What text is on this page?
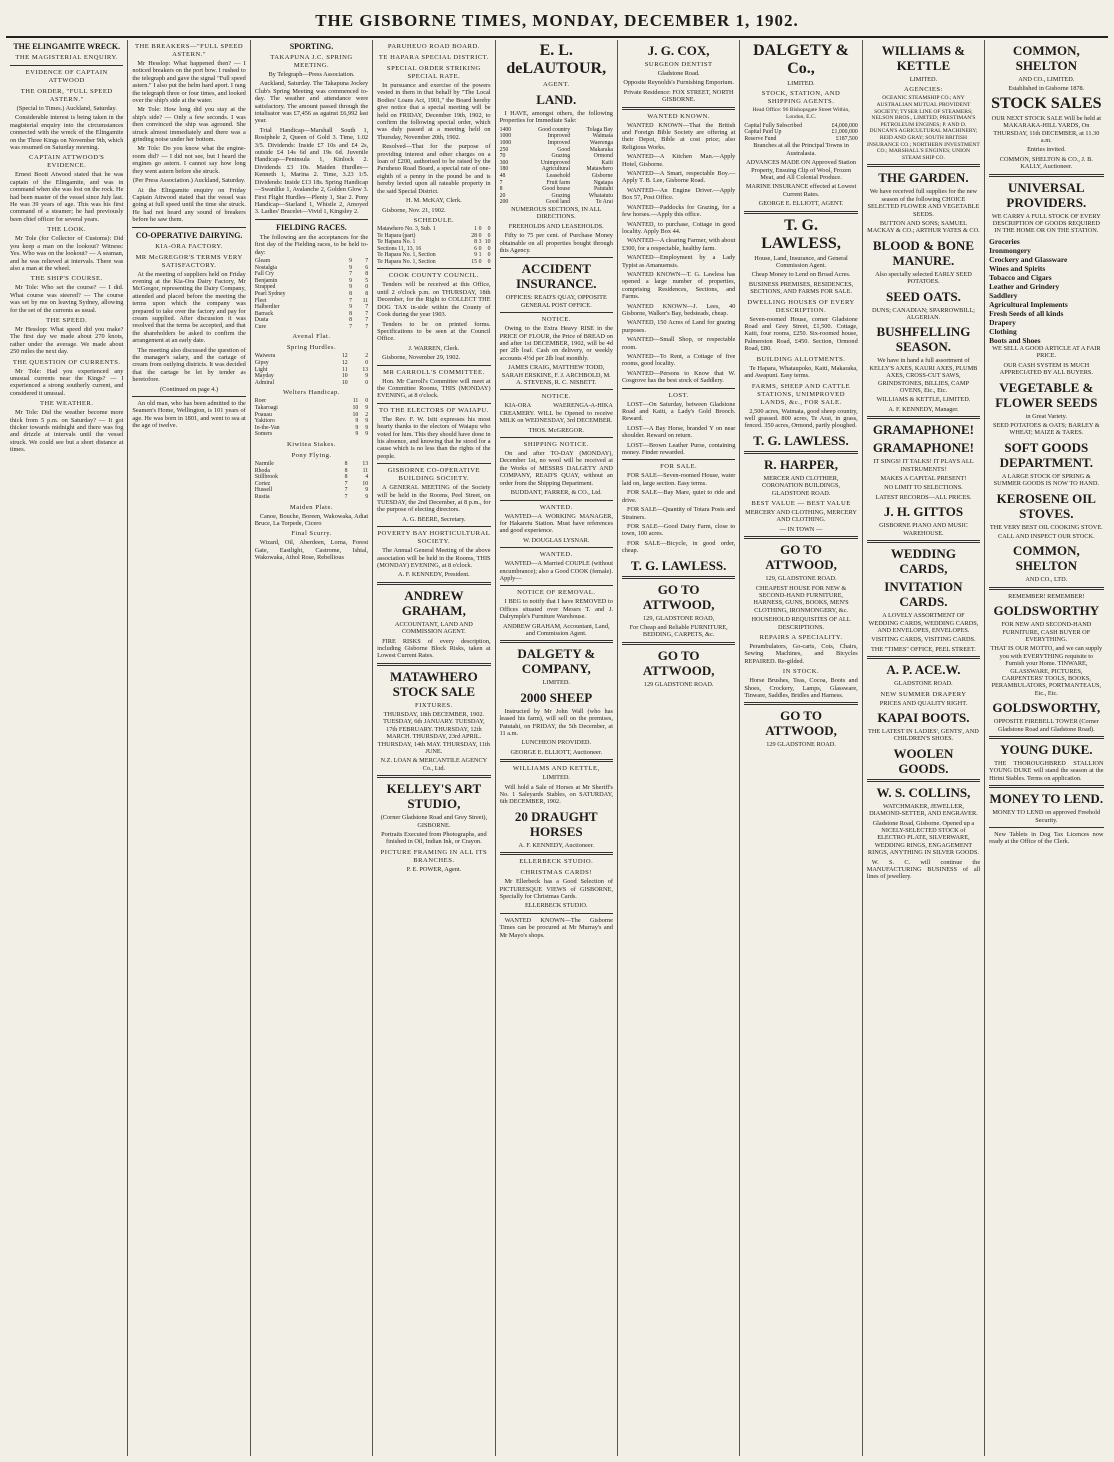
THE GISBORNE TIMES, MONDAY, DECEMBER 1, 1902.
THE ELINGAMITE WRECK.
THE MAGISTERIAL ENQUIRY.
EVIDENCE OF CAPTAIN ATTWOOD
THE ORDER, "FULL SPEED ASTERN."

(Special to Times.) Auckland, Saturday.

Considerable interest is being taken in the magisterial enquiry into the circumstances connected with the wreck of the Elingamite on the Three Kings on November 9th, which was resumed on Saturday morning.

CAPTAIN ATTWOOD'S EVIDENCE.

Ernest Boott Atwood stated that he was captain of the Elingamite, and was in command when she was lost on the rock. He had been master of the vessel since July last. He was 39 years of age. This was his first command of a steamer; he had previously been chief officer for several years.

THE LOOK.

Mr Tole (for Collector of Customs): Did you keep a man on the lookout? Witness: Yes. Who was on the lookout? — A seaman, and he was relieved at intervals. There was also a man at the wheel.

THE SHIP'S COURSE.

Mr Tole: Who set the course? — I did. What course was steered? — The course was set by me on leaving Sydney, allowing for the set of the currents as usual.

THE SPEED.

Mr Hesslop: What speed did you make? The first day we made about 270 knots, rather under the average. We made about 250 miles the next day.

THE QUESTION OF CURRENTS.

Mr Tole: Had you experienced any unusual currents near the Kings? — I experienced a strong southerly current, and considered it unusual.

THE WEATHER.

Mr Tole: Did the weather become more thick from 5 p.m. on Saturday? — It got thicker towards midnight and there was fog and drizzle at intervals until the vessel struck. We could see but a short distance at times.

THE BREAKERS—"FULL SPEED ASTERN."

Mr Hesslop: What happened then? — I noticed breakers on the port bow. I rushed to the telegraph and gave the signal "Full speed astern." I also put the helm hard aport. I rang the telegraph three or four times, and looked over the ship's side at the water.

Mr Tole: How long did you stay at the ship's side? — Only a few seconds. I was then convinced the ship was aground. She struck almost immediately and there was a grinding noise under her bottom.

Mr Tole: Do you know what the engine-room did? — I did not see, but I heard the engines go astern. I cannot say how long they went astern before she struck.

(Per Press Association.) Auckland, Saturday.

At the Elingamite enquiry on Friday Captain Attwood stated that the vessel was going at full speed until the time she struck. He had not heard any sound of breakers before he saw them.

CO-OPERATIVE DAIRYING.
KIA-ORA FACTORY.
MR McGREGOR'S TERMS VERY SATISFACTORY.

At the meeting of suppliers held on Friday evening at the Kia-Ora Dairy Factory, Mr McGregor, representing the Dairy Company, attended and placed before the meeting the terms upon which the company was prepared to take over the factory and pay for cream supplied. After discussion it was resolved that the terms be accepted, and that the shareholders be asked to confirm the arrangement at an early date.

The meeting also discussed the question of the manager's salary, and the cartage of cream from outlying districts. It was decided that the cartage be let by tender as heretofore.

(Continued on page 4.)

An old man, who has been admitted to the Seamen's Home, Wellington, is 101 years of age. He was born in 1801, and went to sea at the age of twelve.

SPORTING.
TAKAPUNA J.C. SPRING MEETING.

By Telegraph—Press Association.

Auckland, Saturday. The Takapuna Jockey Club's Spring Meeting was commenced to-day. The weather and attendance were satisfactory. The amount passed through the totalisator was £7,456 as against £6,992 last year.

Trial Handicap—Marshall South 1, Rosiphele 2, Queen of Gold 3. Time, 1.02 3/5. Dividends: Inside £7 10s and £4 2s, outside £4 14s 6d and 19s 6d. Juvenile Handicap—Peninsula 1, Kinlock 2. Dividends £3 10s. Maiden Hurdles—Kenneth 1, Marina 2. Time, 3.23 1/5. Dividends: Inside £13 18s. Spring Handicap—Swanlike 1, Avalanche 2, Golden Glow 3. First Flight Hurdles—Plenty 1, Star 2. Pony Handicap—Starland 1, Whistle 2, Amoyed 3. Ladies' Bracelet—Vivid 1, Kingsley 2.

FIELDING RACES.

The following are the acceptances for the first day of the Fielding races, to be held to-day:

Gleam	9	7
Nostalgia	9	6
Fall Cry	7	8
Benjamin	9	5
Strapped	9	0
Pearl Sydney	8	8
Fleet	7	11
Halberdier	9	7
Barrack	8	7
Dusta	8	7
Cure	7	7
Avenal Flat.
Spring Hurdles.
Waiwera	12	2
Gipsy	12	0
Light	11	13
Mayday	10	9
Admiral	10	0
Welters Handicap.
Roer	11	0
Takaroagi	10	9
Poauau	10	2
Yakitoro	9	9
In-the-Van	9	9
Somers	9	9
Kiwitea Stakes.
Pony Flying.
Narmile	8	13
Rhoda	8	11
Stillbrook	8	4
Cortez	7	10
Hussell	7	9
Rustia	7	9
Maiden Plate.

Canoe, Bouche, Boreen, Wakowaka, Adiat Bruce, La Torpede, Cicero

Final Scurry.

Wizard, Oil, Aberdeen, Lorna, Forest Gate, Eastlight, Castrome, Ishtal, Wakowaka, Athol Rose, Rebellious

PARUHEUO ROAD BOARD.
TE HAPARA SPECIAL DISTRICT.
SPECIAL ORDER STRIKING SPECIAL RATE.

In pursuance and exercise of the powers vested in them in that behalf by "The Local Bodies' Loans Act, 1901," the Board hereby give notice that a special meeting will be held on FRIDAY, December 19th, 1902, to confirm the following special order, which was duly passed at a meeting held on Thursday, November 20th, 1902.

Resolved—That for the purpose of providing interest and other charges on a loan of £200, authorised to be raised by the Paruheuo Road Board, a special rate of one-eighth of a penny in the pound be and is hereby levied upon all rateable property in the said Special District.

H. M. McKAY, Clerk.

Gisborne, Nov. 21, 1902.

SCHEDULE.
Matawhero No. 3, Sub. 1	1	0	0
Te Hapara (part)	28	0	0
Te Hapara No. 1	8	3	10
Sections 11, 13, 16	6	0	0
Te Hapara No. 1, Section	9	1	0
Te Hapara No. 1, Section	15	0	0
COOK COUNTY COUNCIL.

Tenders will be received at this Office, until 2 o'clock p.m. on THURSDAY, 18th December, for the Right to COLLECT THE DOG TAX in-side within the County of Cook during the year 1903.

Tenders to be on printed forms. Specifications to be seen at the Council Office.

J. WARREN, Clerk.

Gisborne, November 29, 1902.

MR CARROLL'S COMMITTEE.

Hon. Mr Carroll's Committee will meet at the Committee Rooms, THIS (MONDAY) EVENING, at 8 o'clock.

TO THE ELECTORS OF WAIAPU.

The Rev. F. W. Isitt expresses his most hearty thanks to the electors of Waiapu who voted for him. This they should have done in his absence, and knowing that he stood for a cause which is no less than the rights of the people.

GISBORNE CO-OPERATIVE BUILDING SOCIETY.

A GENERAL MEETING of the Society will be held in the Rooms, Peel Street, on TUESDAY, the 2nd December, at 8 p.m., for the purpose of electing directors.

A. G. BEERE, Secretary.

POVERTY BAY HORTICULTURAL SOCIETY.

The Annual General Meeting of the above association will be held in the Rooms, THIS (MONDAY) EVENING, at 8 o'clock.

A. F. KENNEDY, President.

ANDREW GRAHAM,

ACCOUNTANT, LAND AND COMMISSION AGENT.

FIRE RISKS of every description, including Gisborne Block Risks, taken at Lowest Current Rates.

MATAWHERO STOCK SALE
FIXTURES.

THURSDAY, 18th DECEMBER, 1902. TUESDAY, 6th JANUARY. TUESDAY, 17th FEBRUARY. THURSDAY, 12th MARCH. THURSDAY, 23rd APRIL. THURSDAY, 14th MAY. THURSDAY, 11th JUNE.

N.Z. LOAN & MERCANTILE AGENCY Co., Ltd.

KELLEY'S ART STUDIO,

(Corner Gladstone Road and Grey Street), GISBORNE.

Portraits Executed from Photographs, and finished in Oil, Indian Ink, or Crayon.

PICTURE FRAMING IN ALL ITS BRANCHES.

P. E. POWER, Agent.

E. L. deLAUTOUR,
AGENT.
LAND.

I HAVE, amongst others, the following Properties for Immediate Sale:

1400	Good country	Tolaga Bay
1000	Improved	Waimata
1000	Improved	Waerenga
250	Good	Makaraka
70	Grazing	Ormond
300	Unimproved	Kaiti
180	Agricultural	Matawhero
48	Leasehold	Gisborne
7	Fruit farm	Ngatapa
8	Good house	Patutahi
20	Grazing	Whatatutu
200	Good land	Te Arai

NUMEROUS SECTIONS, IN ALL DIRECTIONS.

FREEHOLDS AND LEASEHOLDS.

Fifty to 75 per cent. of Purchase Money obtainable on all properties bought through this Agency.

ACCIDENT INSURANCE.

OFFICES: READ'S QUAY, OPPOSITE GENERAL POST OFFICE.

NOTICE.

Owing to the Extra Heavy RISE in the PRICE OF FLOUR, the Price of BREAD on and after 1st DECEMBER, 1902, will be 4d per 2lb loaf. Cash on delivery, or weekly accounts 4½d per 2lb loaf monthly.

JAMES CRAIG, MATTHEW TODD, SARAH ERSKINE, F. J. ARCHBOLD, M. A. STEVENS, R. C. NISBETT.

NOTICE.

KIA-ORA WAERENGA-A-HIKA CREAMERY. WILL be Opened to receive MILK on WEDNESDAY, 3rd DECEMBER.

THOS. McGREGOR.

SHIPPING NOTICE.

On and after TO-DAY (MONDAY), December 1st, no wool will be received at the Works of MESSRS DALGETY AND COMPANY, READ'S QUAY, without an order from the Shipping Department.

BUDDANT, FARRER, & CO., Ltd.

WANTED.

WANTED—A WORKING MANAGER, for Hakaretu Station. Must have references and good experience.

W. DOUGLAS LYSNAR.

WANTED.

WANTED—A Married COUPLE (without encumbrance); also a Good COOK (female). Apply—

NOTICE OF REMOVAL.

I BEG to notify that I have REMOVED to Offices situated over Messrs T. and J. Dalrymple's Furniture Warehouse.

ANDREW GRAHAM, Accountant, Land, and Commission Agent.

DALGETY & COMPANY,

LIMITED.

2000 SHEEP

Instructed by Mr John Wall (who has leased his farm), will sell on the premises, Patutahi, on FRIDAY, the 5th December, at 11 a.m.

LUNCHEON PROVIDED.

GEORGE E. ELLIOTT, Auctioneer.

WILLIAMS AND KETTLE,

LIMITED.

Will hold a Sale of Horses at Mr Sheriff's No. 1 Saleyards Stables, on SATURDAY, 6th DECEMBER, 1902.

20 DRAUGHT HORSES

A. F. KENNEDY, Auctioneer.

ELLERBECK STUDIO.
CHRISTMAS CARDS!

Mr Ellerbeck has a Good Selection of PICTURESQUE VIEWS of GISBORNE, Specially for Christmas Cards.

ELLERBECK STUDIO.

WANTED KNOWN—The Gisborne Times can be procured at Mr Murray's and Mr Mayo's shops.

J. G. COX,
SURGEON DENTIST

Gladstone Road.

Opposite Reynolds's Furnishing Emporium.

Private Residence: FOX STREET, NORTH GISBORNE.

WANTED KNOWN.

WANTED KNOWN—That the British and Foreign Bible Society are offering at their Depot, Bible at cost price; also Religious Works.

WANTED—A Kitchen Man.—Apply Hotel, Gisborne.

WANTED—A Smart, respectable Boy.—Apply T. B. Lee, Gisborne Road.

WANTED—An Engine Driver.—Apply Box 57, Post Office.

WANTED—Paddocks for Grazing, for a few horses.—Apply this office.

WANTED, to purchase, Cottage in good locality. Apply Box 44.

WANTED—A clearing Farmer, with about £300, for a respectable, healthy farm.

WANTED—Employment by a Lady Typist as Amanuensis.

WANTED KNOWN—T. G. Lawless has opened a large number of properties, comprising Residences, Sections, and Farms.

WANTED KNOWN—J. Lees, 40 Gisborne, Walker's Bay, bedsteads, cheap.

WANTED, 150 Acres of Land for grazing purposes.

WANTED—Small Shop, or respectable room.

WANTED—To Rent, a Cottage of five rooms, good locality.

WANTED—Persons to Know that W. Cosgrove has the best stock of Saddlery.

LOST.

LOST—On Saturday, between Gladstone Road and Kaiti, a Lady's Gold Brooch. Reward.

LOST—A Bay Horse, branded Y on near shoulder. Reward on return.

LOST—Brown Leather Purse, containing money. Finder rewarded.

FOR SALE.

FOR SALE—Seven-roomed House, water laid on, large section. Easy terms.

FOR SALE—Bay Mare, quiet to ride and drive.

FOR SALE—Quantity of Totara Posts and Strainers.

FOR SALE—Good Dairy Farm, close to town, 100 acres.

FOR SALE—Bicycle, in good order, cheap.

T. G. LAWLESS.
GO TO ATTWOOD,

129, GLADSTONE ROAD,

For Cheap and Reliable FURNITURE, BEDDING, CARPETS, &c.

GO TO ATTWOOD,

129 GLADSTONE ROAD.

DALGETY & Co.,

LIMITED.

STOCK, STATION, AND SHIPPING AGENTS.

Head Office: 96 Bishopsgate Street Within, London, E.C.

Capital Fully Subscribed	£4,000,000
Capital Paid Up	£1,000,000
Reserve Fund	£187,500

Branches at all the Principal Towns in Australasia.

ADVANCES MADE ON Approved Station Property, Ensuing Clip of Wool, Frozen Meat, and All Colonial Produce.

MARINE INSURANCE effected at Lowest Current Rates.

GEORGE E. ELLIOTT, AGENT.

T. G. LAWLESS,

House, Land, Insurance, and General Commission Agent.

Cheap Money to Lend on Broad Acres.

BUSINESS PREMISES, RESIDENCES, SECTIONS, AND FARMS FOR SALE.

DWELLING HOUSES OF EVERY DESCRIPTION.

Seven-roomed House, corner Gladstone Road and Grey Street, £1,500. Cottage, Kaiti, four rooms, £250. Six-roomed house, Palmerston Road, £450. Section, Ormond Road, £80.

BUILDING ALLOTMENTS.

Te Hapara, Whataupoko, Kaiti, Makaraka, and Awapuni. Easy terms.

FARMS, SHEEP AND CATTLE STATIONS, UNIMPROVED LANDS, &c., FOR SALE.

2,500 acres, Waimata, good sheep country, well grassed. 800 acres, Te Arai, in grass, fenced. 350 acres, Ormond, partly ploughed.

T. G. LAWLESS.
R. HARPER,

MERCER AND CLOTHIER, CORONATION BUILDINGS, GLADSTONE ROAD.

BEST VALUE — BEST VALUE

MERCERY AND CLOTHING, MERCERY AND CLOTHING.

— IN TOWN —

GO TO ATTWOOD,

129, GLADSTONE ROAD.

CHEAPEST HOUSE FOR NEW & SECOND-HAND FURNITURE, HARNESS, GUNS, BOOKS, MEN'S CLOTHING, IRONMONGERY, &c.

HOUSEHOLD REQUISITES OF ALL DESCRIPTIONS.

REPAIRS A SPECIALITY.

Perambulators, Go-carts, Cots, Chairs, Sewing Machines, and Bicycles REPAIRED. Re-gilded.

IN STOCK.

Horse Brushes, Teas, Cocoa, Boots and Shoes, Crockery, Lamps, Glassware, Tinware, Saddles, Bridles and Harness.

GO TO ATTWOOD,

129 GLADSTONE ROAD.

WILLIAMS & KETTLE

LIMITED.

AGENCIES:

OCEANIC STEAMSHIP CO.; ANY AUSTRALIAN MUTUAL PROVIDENT SOCIETY; TYSER LINE OF STEAMERS; NELSON BROS., LIMITED; PRESTIMAN'S PETROLEUM ENGINES; P. AND D. DUNCAN'S AGRICULTURAL MACHINERY; REID AND GRAY; SOUTH BRITISH INSURANCE CO.; NORTHERN INVESTMENT CO.; MARSHALL'S ENGINES; UNION STEAM SHIP CO.

THE GARDEN.

We have received full supplies for the new season of the following CHOICE SELECTED FLOWER AND VEGETABLE SEEDS.

BUTTON AND SONS; SAMUEL MACKAY & CO.; ARTHUR YATES & CO.

BLOOD & BONE MANURE.

Also specially selected EARLY SEED POTATOES.

SEED OATS.

DUNS; CANADIAN; SPARROWBILL; ALGERIAN.

BUSHFELLING SEASON.

We have in hand a full assortment of KELLY'S AXES, KAURI AXES, PLUMB AXES, CROSS-CUT SAWS, GRINDSTONES, BILLIES, CAMP OVENS, Etc., Etc.

WILLIAMS & KETTLE, LIMITED.

A. F. KENNEDY, Manager.

GRAMAPHONE!
GRAMAPHONE!

IT SINGS! IT TALKS! IT PLAYS ALL INSTRUMENTS!

MAKES A CAPITAL PRESENT!

NO LIMIT TO SELECTIONS.

LATEST RECORDS—ALL PRICES.

J. H. GITTOS

GISBORNE PIANO AND MUSIC WAREHOUSE.

WEDDING CARDS,
INVITATION CARDS.

A LOVELY ASSORTMENT OF WEDDING CARDS, WEDDING CARDS, AND ENVELOPES, ENVELOPES.

VISITING CARDS, VISITING CARDS.

THE "TIMES" OFFICE, PEEL STREET.

A. P. ACE.W.

GLADSTONE ROAD.

NEW SUMMER DRAPERY

PRICES AND QUALITY RIGHT.

KAPAI BOOTS.

THE LATEST IN LADIES', GENTS', AND CHILDREN'S SHOES.

WOOLEN GOODS.
W. S. COLLINS,

WATCHMAKER, JEWELLER, DIAMOND-SETTER, AND ENGRAVER.

Gladstone Road, Gisborne. Opened up a NICELY-SELECTED STOCK of ELECTRO PLATE, SILVERWARE, WEDDING RINGS, ENGAGEMENT RINGS, ANYTHING IN SILVER GOODS.

W. S. C. will continue the MANUFACTURING BUSINESS of all lines of jewellery.

COMMON, SHELTON

AND CO., LIMITED.

Established in Gisborne 1878.

STOCK SALES

OUR NEXT STOCK SALE Will be held at MAKARAKA-HILL YARDS, On THURSDAY, 11th DECEMBER, at 11.30 a.m.

Entries invited.

COMMON, SHELTON & CO., J. B. KALLY, Auctioneer.

UNIVERSAL PROVIDERS.

WE CARRY A FULL STOCK OF EVERY DESCRIPTION OF GOODS REQUIRED IN THE HOME OR ON THE STATION.

Groceries
Ironmongery
Crockery and Glassware
Wines and Spirits
Tobacco and Cigars
Leather and Grindery
Saddlery
Agricultural Implements
Fresh Seeds of all kinds
Drapery
Clothing
Boots and Shoes

WE SELL A GOOD ARTICLE AT A FAIR PRICE.

OUR CASH SYSTEM IS MUCH APPRECIATED BY ALL BUYERS.

VEGETABLE & FLOWER SEEDS

in Great Variety.

SEED POTATOES & OATS; BARLEY & WHEAT; MAIZE & TARES.

SOFT GOODS DEPARTMENT.

A LARGE STOCK OF SPRING & SUMMER GOODS IS NOW TO HAND.

KEROSENE OIL STOVES.

THE VERY BEST OIL COOKING STOVE.

CALL AND INSPECT OUR STOCK.

COMMON, SHELTON

AND CO., LTD.

REMEMBER! REMEMBER!

GOLDSWORTHY

FOR NEW AND SECOND-HAND FURNITURE, CASH BUYER OF EVERYTHING.

THAT IS OUR MOTTO, and we can supply you with EVERYTHING requisite to Furnish your Home. TINWARE, GLASSWARE, PICTURES, CARPENTERS' TOOLS, BOOKS, PERAMBULATORS, PORTMANTEAUS, Etc., Etc.

GOLDSWORTHY,

OPPOSITE FIREBELL TOWER (Corner Gladstone Road and Gladstone Road).

YOUNG DUKE.

THE THOROUGHBRED STALLION YOUNG DUKE will stand the season at the Hirini Stables. Terms on application.

MONEY TO LEND.

MONEY TO LEND on approved Freehold Security.

New Tablets in Dog Tax Licences now ready at the Office of the Clerk.
